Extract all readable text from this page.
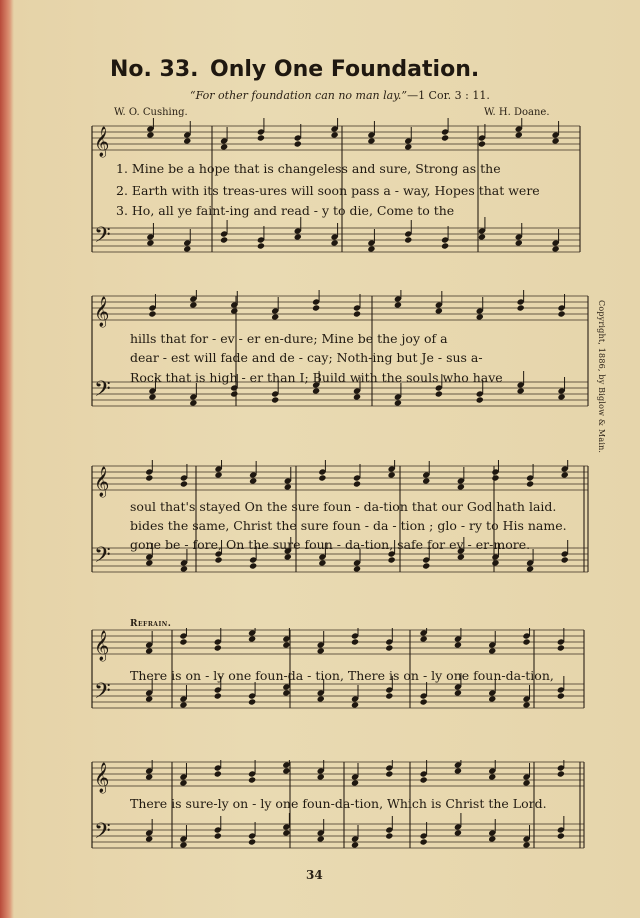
No. 33. Only One Foundation.
“For other foundation can no man lay.”—1 Cor. 3 : 11.
W. O. Cushing.	W. H. Doane.
Copyright, 1886, by Biglow & Main.
𝄞
𝄢
1. Mine be a hope that is changeless and sure, Strong as the
2. Earth with its treas-ures will soon pass a - way, Hopes that were
3. Ho, all ye faint-ing and read - y to die, Come to the
𝄞
𝄢
hills that for - ev - er en-dure; Mine be the joy of a
dear - est will fade and de - cay; Noth-ing but Je - sus a-
Rock that is high - er than I; Build with the souls who have
𝄞
𝄢
soul that's stayed On the sure foun - da-tion that our God hath laid.
bides the same, Christ the sure foun - da - tion ; glo - ry to His name.
gone be - fore, On the sure foun - da-tion, safe for ev - er-more.
Refrain.
𝄞
𝄢
There is on - ly one foun-da - tion, There is on - ly one foun-da-tion,
𝄞
𝄢
There is sure-ly on - ly one foun-da-tion, Which is Christ the Lord.
34
